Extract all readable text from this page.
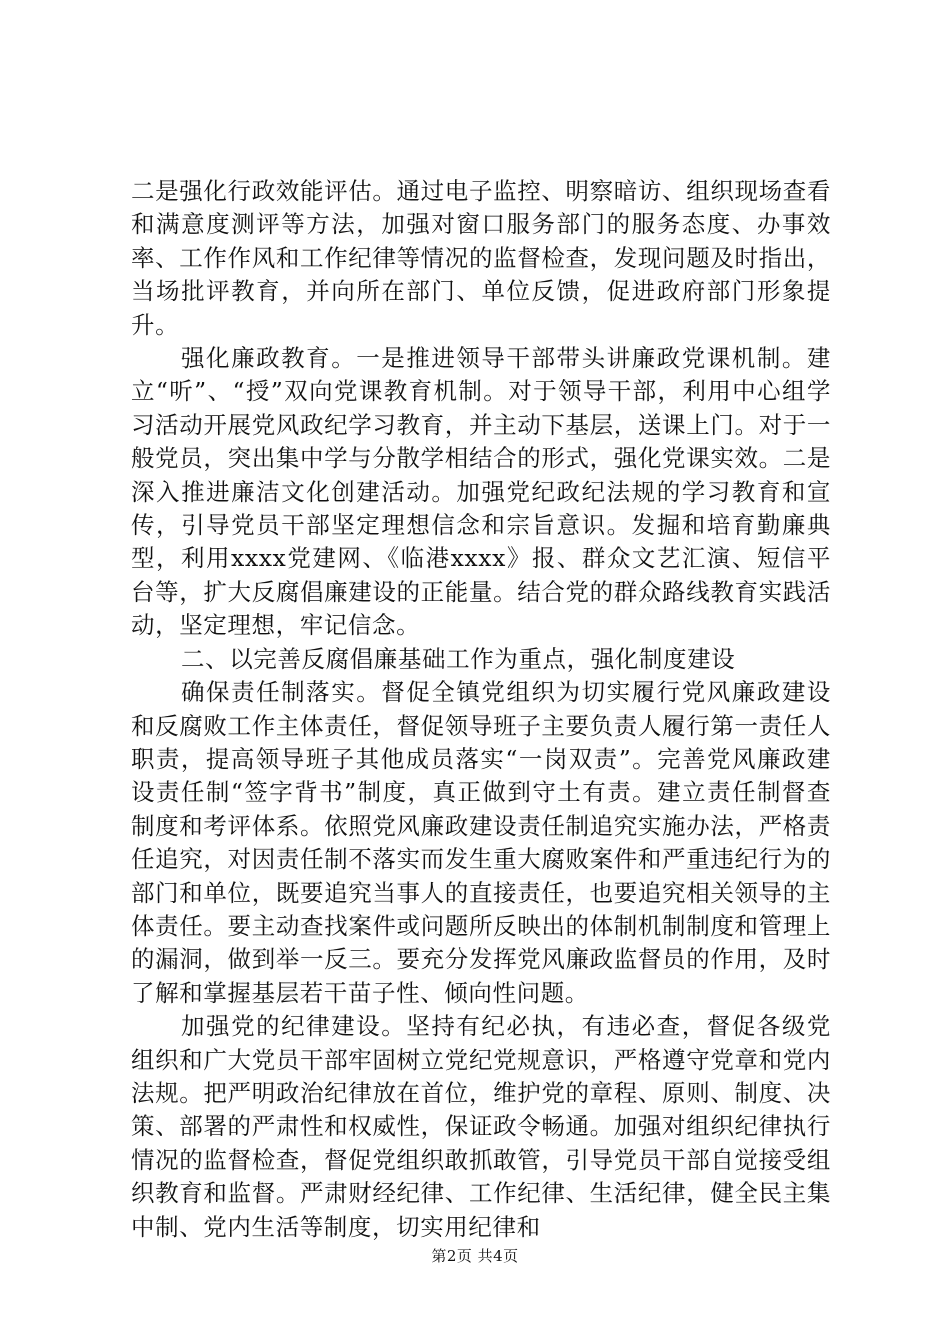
二是强化行政效能评估。通过电子监控、明察暗访、组织现场查看和满意度测评等方法，加强对窗口服务部门的服务态度、办事效率、工作作风和工作纪律等情况的监督检查，发现问题及时指出，当场批评教育，并向所在部门、单位反馈，促进政府部门形象提升。

强化廉政教育。一是推进领导干部带头讲廉政党课机制。建立“听”、“授”双向党课教育机制。对于领导干部，利用中心组学习活动开展党风政纪学习教育，并主动下基层，送课上门。对于一般党员，突出集中学与分散学相结合的形式，强化党课实效。二是深入推进廉洁文化创建活动。加强党纪政纪法规的学习教育和宣传，引导党员干部坚定理想信念和宗旨意识。发掘和培育勤廉典型，利用xxxx党建网、《临港xxxx》报、群众文艺汇演、短信平台等，扩大反腐倡廉建设的正能量。结合党的群众路线教育实践活动，坚定理想，牢记信念。

二、以完善反腐倡廉基础工作为重点，强化制度建设

确保责任制落实。督促全镇党组织为切实履行党风廉政建设和反腐败工作主体责任，督促领导班子主要负责人履行第一责任人职责，提高领导班子其他成员落实“一岗双责”。完善党风廉政建设责任制“签字背书”制度，真正做到守土有责。建立责任制督查制度和考评体系。依照党风廉政建设责任制追究实施办法，严格责任追究，对因责任制不落实而发生重大腐败案件和严重违纪行为的部门和单位，既要追究当事人的直接责任，也要追究相关领导的主体责任。要主动查找案件或问题所反映出的体制机制制度和管理上的漏洞，做到举一反三。要充分发挥党风廉政监督员的作用，及时了解和掌握基层若干苗子性、倾向性问题。

加强党的纪律建设。坚持有纪必执，有违必查，督促各级党组织和广大党员干部牢固树立党纪党规意识，严格遵守党章和党内法规。把严明政治纪律放在首位，维护党的章程、原则、制度、决策、部署的严肃性和权威性，保证政令畅通。加强对组织纪律执行情况的监督检查，督促党组织敢抓敢管，引导党员干部自觉接受组织教育和监督。严肃财经纪律、工作纪律、生活纪律，健全民主集中制、党内生活等制度，切实用纪律和

第2页 共4页
